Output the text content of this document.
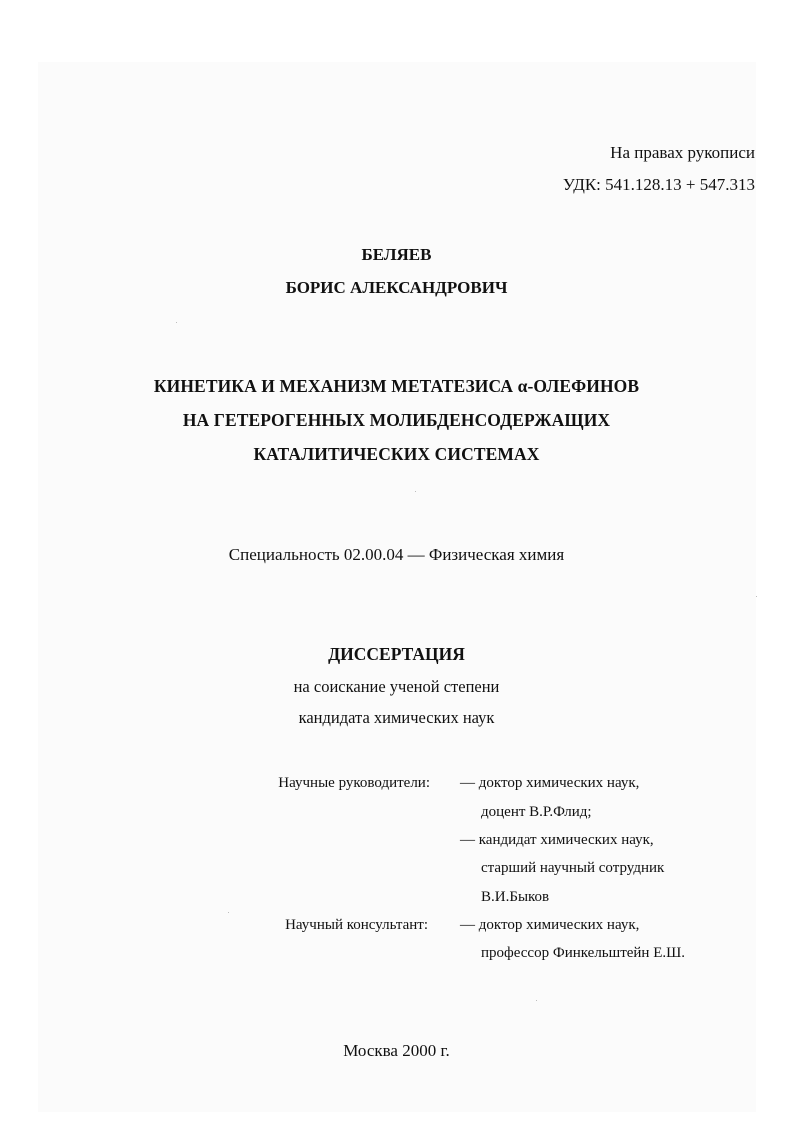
На правах рукописи
УДК: 541.128.13 + 547.313
БЕЛЯЕВ
БОРИС АЛЕКСАНДРОВИЧ
КИНЕТИКА И МЕХАНИЗМ МЕТАТЕЗИСА α-ОЛЕФИНОВ
НА ГЕТЕРОГЕННЫХ МОЛИБДЕНСОДЕРЖАЩИХ
КАТАЛИТИЧЕСКИХ СИСТЕМАХ
Специальность 02.00.04 — Физическая химия
ДИССЕРТАЦИЯ
на соискание ученой степени
кандидата химических наук
Научные руководители: — доктор химических наук,
доцент В.Р.Флид;
— кандидат химических наук,
старший научный сотрудник
В.И.Быков
Научный консультант: — доктор химических наук,
профессор Финкельштейн Е.Ш.
Москва 2000 г.
